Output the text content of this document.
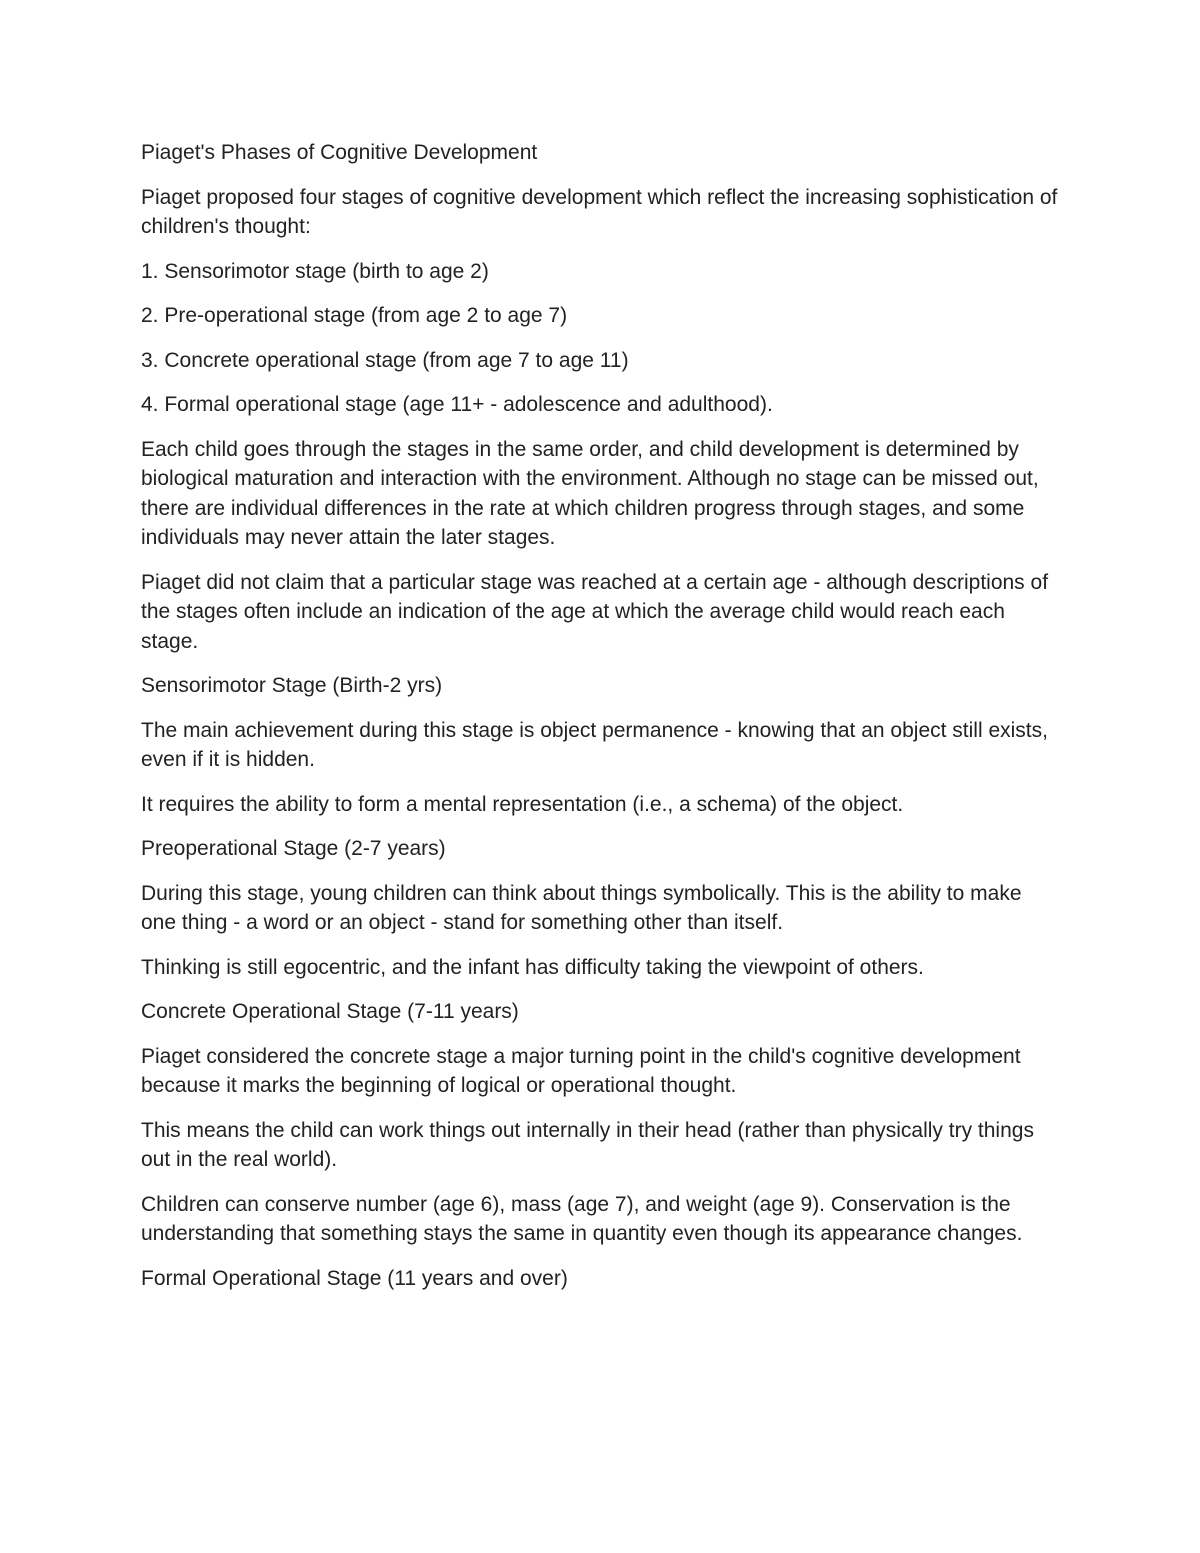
Piaget's Phases of Cognitive Development

Piaget proposed four stages of cognitive development which reflect the increasing sophistication of children's thought:

1. Sensorimotor stage (birth to age 2)

2. Pre-operational stage (from age 2 to age 7)

3. Concrete operational stage (from age 7 to age 11)

4. Formal operational stage (age 11+ - adolescence and adulthood).

Each child goes through the stages in the same order, and child development is determined by biological maturation and interaction with the environment. Although no stage can be missed out, there are individual differences in the rate at which children progress through stages, and some individuals may never attain the later stages.

Piaget did not claim that a particular stage was reached at a certain age - although descriptions of the stages often include an indication of the age at which the average child would reach each stage.

Sensorimotor Stage (Birth-2 yrs)

The main achievement during this stage is object permanence - knowing that an object still exists, even if it is hidden.

It requires the ability to form a mental representation (i.e., a schema) of the object.

Preoperational Stage (2-7 years)

During this stage, young children can think about things symbolically. This is the ability to make one thing - a word or an object - stand for something other than itself.

Thinking is still egocentric, and the infant has difficulty taking the viewpoint of others.

Concrete Operational Stage (7-11 years)

Piaget considered the concrete stage a major turning point in the child's cognitive development because it marks the beginning of logical or operational thought.

This means the child can work things out internally in their head (rather than physically try things out in the real world).

Children can conserve number (age 6), mass (age 7), and weight (age 9). Conservation is the understanding that something stays the same in quantity even though its appearance changes.

Formal Operational Stage (11 years and over)
